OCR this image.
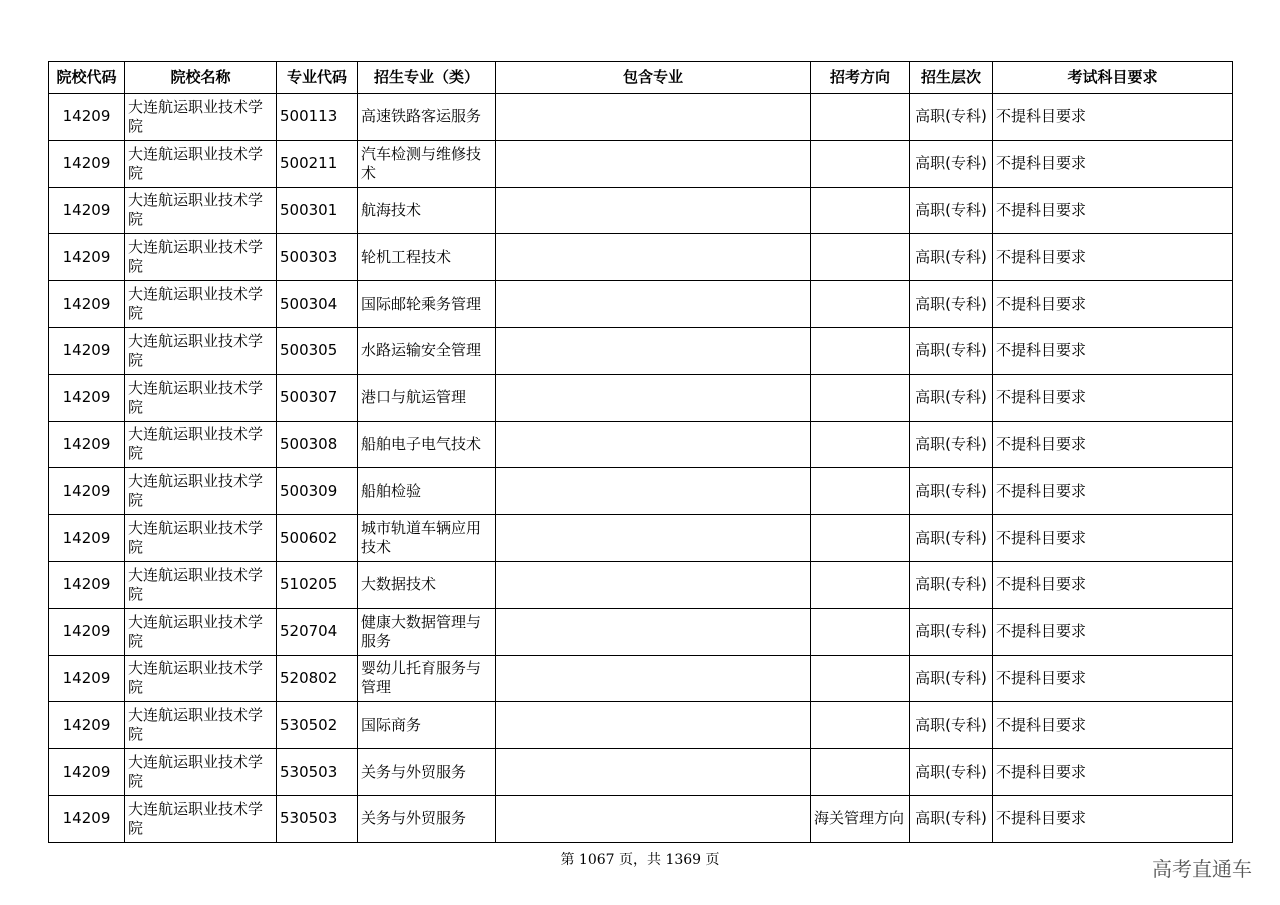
院校代码	院校名称	专业代码	招生专业（类）	包含专业	招考方向	招生层次	考试科目要求
14209	大连航运职业技术学院	500113	高速铁路客运服务			高职(专科)	不提科目要求
14209	大连航运职业技术学院	500211	汽车检测与维修技术			高职(专科)	不提科目要求
14209	大连航运职业技术学院	500301	航海技术			高职(专科)	不提科目要求
14209	大连航运职业技术学院	500303	轮机工程技术			高职(专科)	不提科目要求
14209	大连航运职业技术学院	500304	国际邮轮乘务管理			高职(专科)	不提科目要求
14209	大连航运职业技术学院	500305	水路运输安全管理			高职(专科)	不提科目要求
14209	大连航运职业技术学院	500307	港口与航运管理			高职(专科)	不提科目要求
14209	大连航运职业技术学院	500308	船舶电子电气技术			高职(专科)	不提科目要求
14209	大连航运职业技术学院	500309	船舶检验			高职(专科)	不提科目要求
14209	大连航运职业技术学院	500602	城市轨道车辆应用技术			高职(专科)	不提科目要求
14209	大连航运职业技术学院	510205	大数据技术			高职(专科)	不提科目要求
14209	大连航运职业技术学院	520704	健康大数据管理与服务			高职(专科)	不提科目要求
14209	大连航运职业技术学院	520802	婴幼儿托育服务与管理			高职(专科)	不提科目要求
14209	大连航运职业技术学院	530502	国际商务			高职(专科)	不提科目要求
14209	大连航运职业技术学院	530503	关务与外贸服务			高职(专科)	不提科目要求
14209	大连航运职业技术学院	530503	关务与外贸服务		海关管理方向	高职(专科)	不提科目要求
第 1067 页，共 1369 页	高考直通车
